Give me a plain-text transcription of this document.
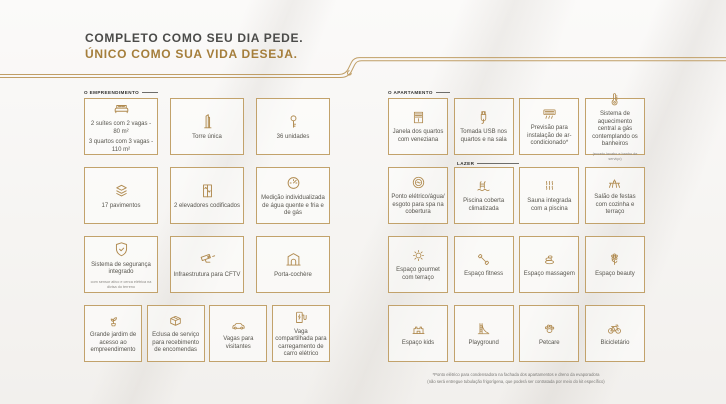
COMPLETO COMO SEU DIA PEDE.
ÚNICO COMO SUA VIDA DESEJA.
O EMPREENDIMENTO
2 suítes com 2 vagas - 80 m²
3 quartos com 3 vagas - 110 m²
Torre única	36 unidades
17 pavimentos	2 elevadores codificados
Medição individualizada de água quente e fria e de gás
Sistema de segurança integrado
com sensor ativo e cerca elétrica na divisa do terreno
Infraestrutura para CFTV	Porta-cochère
Grande jardim de acesso ao empreendimento
Eclusa de serviço para recebimento de encomendas
Vagas para visitantes
Vaga compartilhada para carregamento de carro elétrico
O APARTAMENTO
Janela dos quartos com veneziana
Tomada USB nos quartos e na sala
Previsão para instalação de ar-condicionado*
Sistema de aquecimento central a gás contemplando os banheiros
(exceto lavabo e banho de serviço)
Ponto elétrico/água/ esgoto para spa na cobertura
Piscina coberta climatizada
Sauna integrada com a piscina
Salão de festas com cozinha e terraço
Espaço gourmet com terraço
Espaço fitness	Espaço massagem	Espaço beauty
Espaço kids	Playground	Petcare	Bicicletário
LAZER
*Ponto elétrico para condensadora na fachada dos apartamentos e dreno da evaporadora
(não será entregue tubulação frigorígena, que poderá ser contratada por meio do kit específico)
